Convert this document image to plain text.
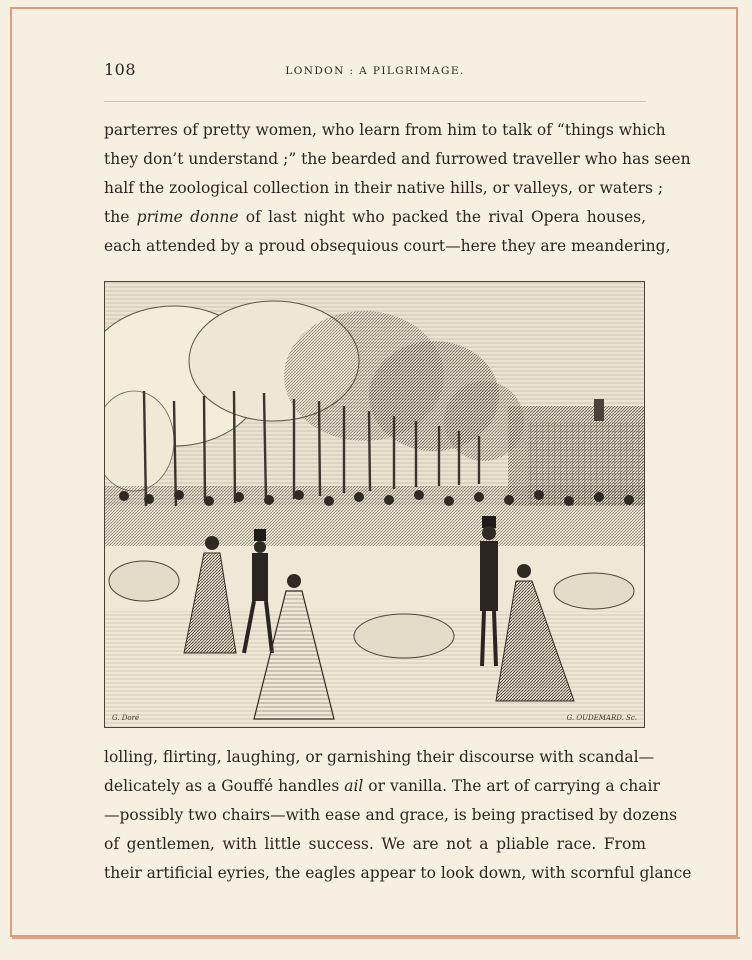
108	LONDON : A PILGRIMAGE.
parterres of pretty women, who learn from him to talk of “things which
they don’t understand ;” the bearded and furrowed traveller who has seen
half the zoological collection in their native hills, or valleys, or waters ;
the prime donne of last night who packed the rival Opera houses,
each attended by a proud obsequious court—here they are meandering,
G. Doré	G. OUDEMARD. Sc.
lolling, flirting, laughing, or garnishing their discourse with scandal—
delicately as a Gouffé handles ail or vanilla. The art of carrying a chair
—possibly two chairs—with ease and grace, is being practised by dozens
of gentlemen, with little success. We are not a pliable race. From
their artificial eyries, the eagles appear to look down, with scornful glance
